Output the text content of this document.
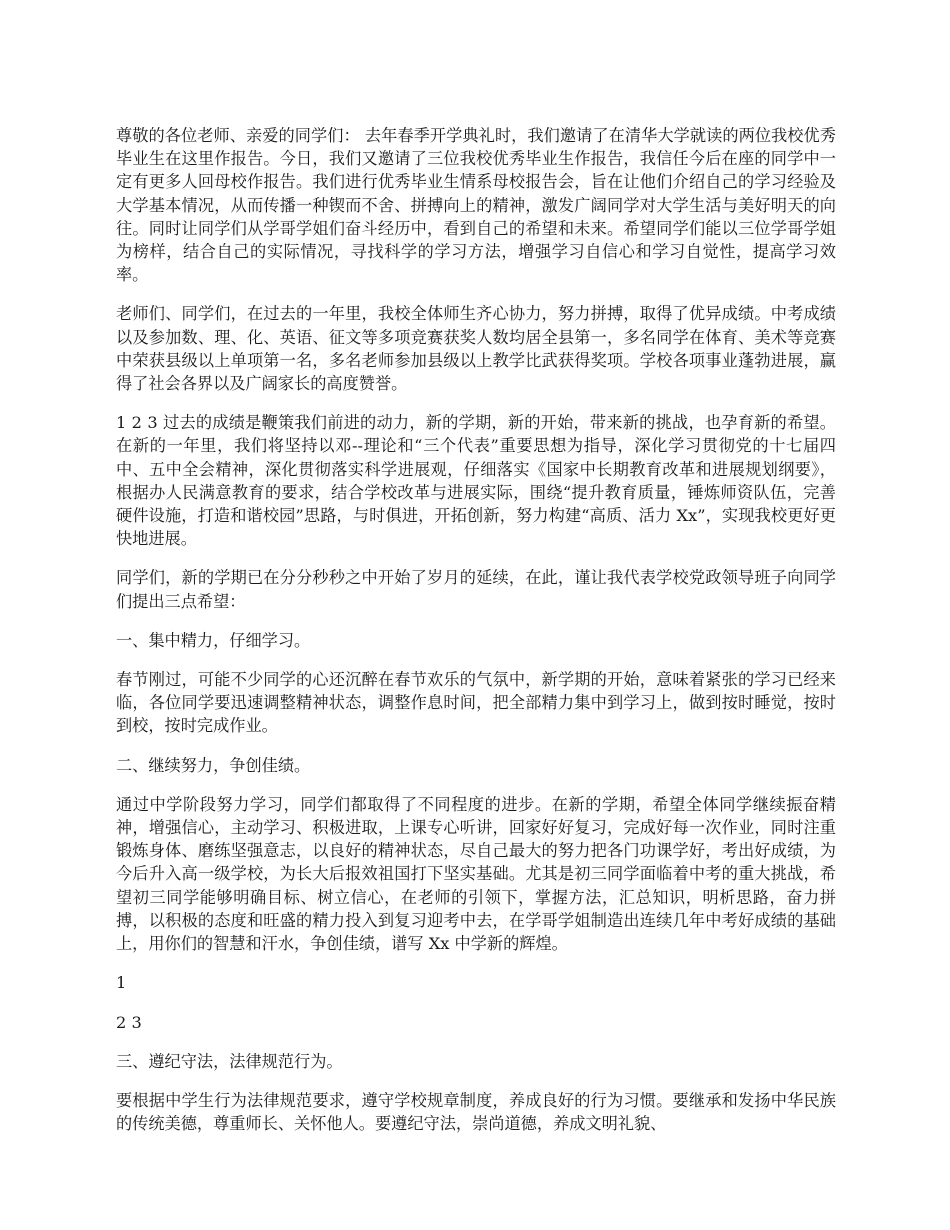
尊敬的各位老师、亲爱的同学们： 去年春季开学典礼时，我们邀请了在清华大学就读的两位我校优秀毕业生在这里作报告。今日，我们又邀请了三位我校优秀毕业生作报告，我信任今后在座的同学中一定有更多人回母校作报告。我们进行优秀毕业生情系母校报告会，旨在让他们介绍自己的学习经验及大学基本情况，从而传播一种锲而不舍、拼搏向上的精神，激发广阔同学对大学生活与美好明天的向往。同时让同学们从学哥学姐们奋斗经历中，看到自己的希望和未来。希望同学们能以三位学哥学姐为榜样，结合自己的实际情况，寻找科学的学习方法，增强学习自信心和学习自觉性，提高学习效率。

老师们、同学们，在过去的一年里，我校全体师生齐心协力，努力拼搏，取得了优异成绩。中考成绩以及参加数、理、化、英语、征文等多项竞赛获奖人数均居全县第一，多名同学在体育、美术等竞赛中荣获县级以上单项第一名，多名老师参加县级以上教学比武获得奖项。学校各项事业蓬勃进展，赢得了社会各界以及广阔家长的高度赞誉。

1 2 3 过去的成绩是鞭策我们前进的动力，新的学期，新的开始，带来新的挑战，也孕育新的希望。在新的一年里，我们将坚持以邓--理论和“三个代表”重要思想为指导，深化学习贯彻党的十七届四中、五中全会精神，深化贯彻落实科学进展观，仔细落实《国家中长期教育改革和进展规划纲要》，根据办人民满意教育的要求，结合学校改革与进展实际，围绕“提升教育质量，锤炼师资队伍，完善硬件设施，打造和谐校园”思路，与时俱进，开拓创新，努力构建“高质、活力 Xx”，实现我校更好更快地进展。

同学们，新的学期已在分分秒秒之中开始了岁月的延续，在此，谨让我代表学校党政领导班子向同学们提出三点希望：

一、集中精力，仔细学习。

春节刚过，可能不少同学的心还沉醉在春节欢乐的气氛中，新学期的开始，意味着紧张的学习已经来临，各位同学要迅速调整精神状态，调整作息时间，把全部精力集中到学习上，做到按时睡觉，按时到校，按时完成作业。

二、继续努力，争创佳绩。

通过中学阶段努力学习，同学们都取得了不同程度的进步。在新的学期，希望全体同学继续振奋精神，增强信心，主动学习、积极进取，上课专心听讲，回家好好复习，完成好每一次作业，同时注重锻炼身体、磨练坚强意志，以良好的精神状态，尽自己最大的努力把各门功课学好，考出好成绩，为今后升入高一级学校，为长大后报效祖国打下坚实基础。尤其是初三同学面临着中考的重大挑战，希望初三同学能够明确目标、树立信心，在老师的引领下，掌握方法，汇总知识，明析思路，奋力拼搏，以积极的态度和旺盛的精力投入到复习迎考中去，在学哥学姐制造出连续几年中考好成绩的基础上，用你们的智慧和汗水，争创佳绩，谱写 Xx 中学新的辉煌。

1

2 3

三、遵纪守法，法律规范行为。

要根据中学生行为法律规范要求，遵守学校规章制度，养成良好的行为习惯。要继承和发扬中华民族的传统美德，尊重师长、关怀他人。要遵纪守法，崇尚道德，养成文明礼貌、
